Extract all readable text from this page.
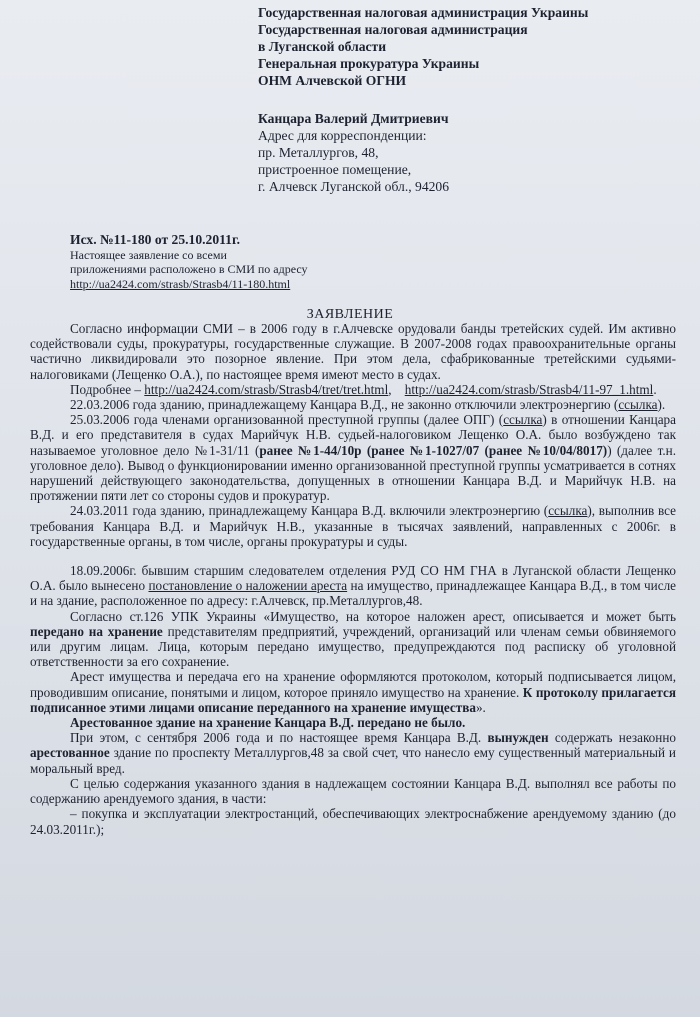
Государственная налоговая администрация Украины
Государственная налоговая администрация
в Луганской области
Генеральная прокуратура Украины
ОНМ Алчевской ОГНИ
Канцара Валерий Дмитриевич
Адрес для корреспонденции:
пр. Металлургов, 48,
пристроенное помещение,
г. Алчевск Луганской обл., 94206
Исх. №11-180 от 25.10.2011г.
Настоящее заявление со всеми
приложениями расположено в СМИ по адресу
http://ua2424.com/strasb/Strasb4/11-180.html
ЗАЯВЛЕНИЕ

Согласно информации СМИ – в 2006 году в г.Алчевске орудовали банды третейских судей. Им активно содействовали суды, прокуратуры, государственные служащие. В 2007-2008 годах правоохранительные органы частично ликвидировали это позорное явление. При этом дела, сфабрикованные третейскими судьями-налоговиками (Лещенко О.А.), по настоящее время имеют место в судах.

Подробнее – http://ua2424.com/strasb/Strasb4/tret/tret.html,    http://ua2424.com/strasb/Strasb4/11-97_1.html.

22.03.2006 года зданию, принадлежащему Канцара В.Д., не законно отключили электроэнергию (ссылка).

25.03.2006 года членами организованной преступной группы (далее ОПГ) (ссылка) в отношении Канцара В.Д. и его представителя в судах Марийчук Н.В. судьей-налоговиком Лещенко О.А. было возбуждено так называемое уголовное дело №1-31/11 (ранее №1-44/10р (ранее №1-1027/07 (ранее №10/04/8017)) (далее т.н. уголовное дело). Вывод о функционировании именно организованной преступной группы усматривается в сотнях нарушений действующего законодательства, допущенных в отношении Канцара В.Д. и Марийчук Н.В. на протяжении пяти лет со стороны судов и прокуратур.

24.03.2011 года зданию, принадлежащему Канцара В.Д. включили электроэнергию (ссылка), выполнив все требования Канцара В.Д. и Марийчук Н.В., указанные в тысячах заявлений, направленных с 2006г. в государственные органы, в том числе, органы прокуратуры и суды.

18.09.2006г. бывшим старшим следователем отделения РУД СО НМ ГНА в Луганской области Лещенко О.А. было вынесено постановление о наложении ареста на имущество, принадлежащее Канцара В.Д., в том числе и на здание, расположенное по адресу: г.Алчевск, пр.Металлургов,48.

Согласно ст.126 УПК Украины «Имущество, на которое наложен арест, описывается и может быть передано на хранение представителям предприятий, учреждений, организаций или членам семьи обвиняемого или другим лицам. Лица, которым передано имущество, предупреждаются под расписку об уголовной ответственности за его сохранение.

Арест имущества и передача его на хранение оформляются протоколом, который подписывается лицом, проводившим описание, понятыми и лицом, которое приняло имущество на хранение. К протоколу прилагается подписанное этими лицами описание переданного на хранение имущества».

Арестованное здание на хранение Канцара В.Д. передано не было.

При этом, с сентября 2006 года и по настоящее время Канцара В.Д. вынужден содержать незаконно арестованное здание по проспекту Металлургов,48 за свой счет, что нанесло ему существенный материальный и моральный вред.

С целью содержания указанного здания в надлежащем состоянии Канцара В.Д. выполнял все работы по содержанию арендуемого здания, в части:

– покупка и эксплуатации электростанций, обеспечивающих электроснабжение арендуемому зданию (до 24.03.2011г.);
